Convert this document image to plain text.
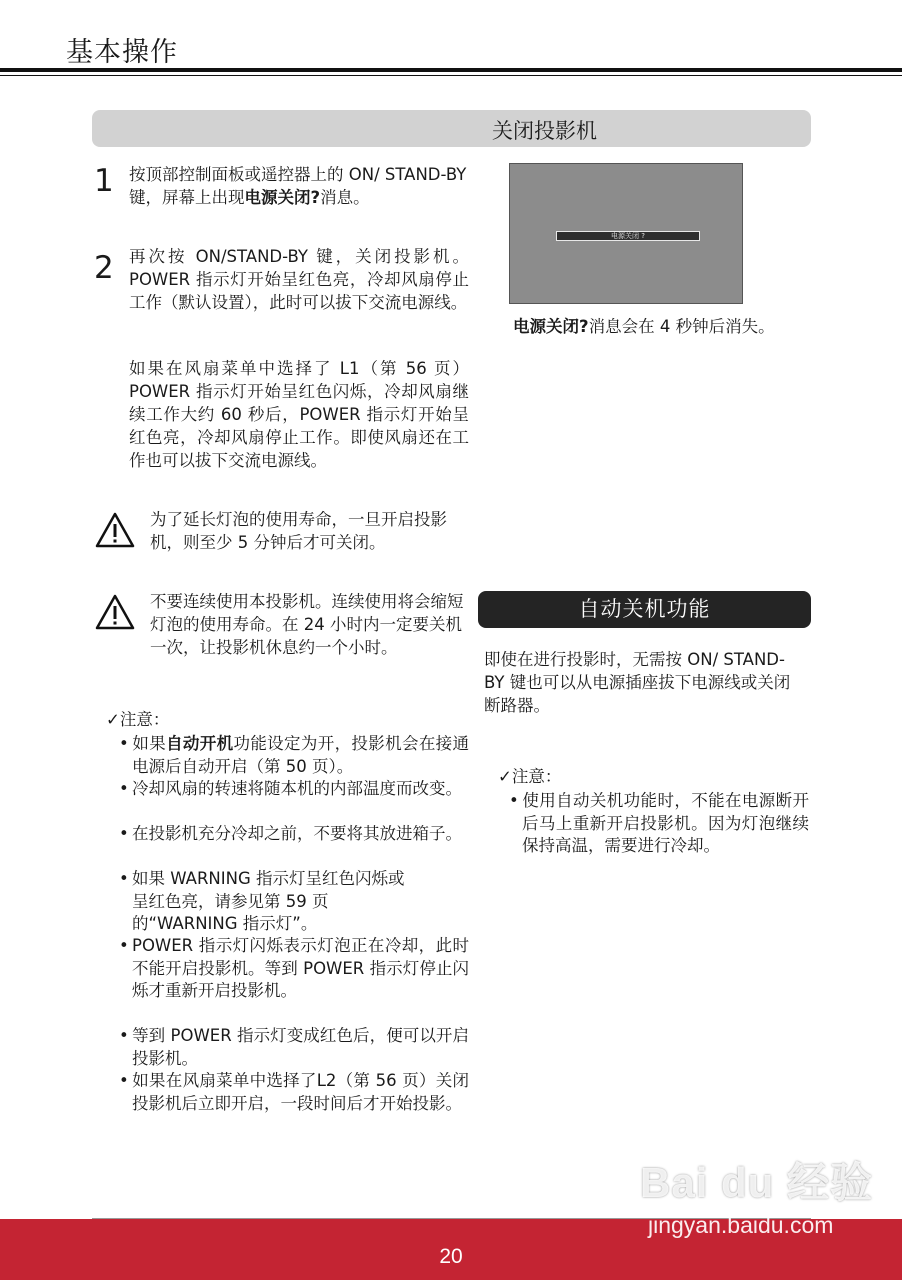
基本操作
关闭投影机
1 按顶部控制面板或遥控器上的 ON/ STAND-BY 键，屏幕上出现电源关闭?消息。
2 再次按 ON/STAND-BY 键，关闭投影机。POWER 指示灯开始呈红色亮，冷却风扇停止工作（默认设置），此时可以拔下交流电源线。
如果在风扇菜单中选择了 L1（第 56 页）POWER 指示灯开始呈红色闪烁，冷却风扇继续工作大约 60 秒后，POWER 指示灯开始呈红色亮，冷却风扇停止工作。即使风扇还在工作也可以拔下交流电源线。
电源关闭 ?
电源关闭?消息会在 4 秒钟后消失。
为了延长灯泡的使用寿命，一旦开启投影机，则至少 5 分钟后才可关闭。
不要连续使用本投影机。连续使用将会缩短灯泡的使用寿命。在 24 小时内一定要关机一次，让投影机休息约一个小时。
✓注意：
• 如果自动开机功能设定为开，投影机会在接通电源后自动开启（第 50 页）。
• 冷却风扇的转速将随本机的内部温度而改变。
• 在投影机充分冷却之前，不要将其放进箱子。
• 如果 WARNING 指示灯呈红色闪烁或呈红色亮，请参见第 59 页的“WARNING 指示灯”。
• POWER 指示灯闪烁表示灯泡正在冷却，此时不能开启投影机。等到 POWER 指示灯停止闪烁才重新开启投影机。
• 等到 POWER 指示灯变成红色后，便可以开启投影机。
• 如果在风扇菜单中选择了L2（第 56 页）关闭投影机后立即开启，一段时间后才开始投影。
自动关机功能
即使在进行投影时，无需按 ON/ STAND-BY 键也可以从电源插座拔下电源线或关闭断路器。
✓注意：
• 使用自动关机功能时，不能在电源断开后马上重新开启投影机。因为灯泡继续保持高温，需要进行冷却。
Bai du 经验
20
jingyan.baidu.com
